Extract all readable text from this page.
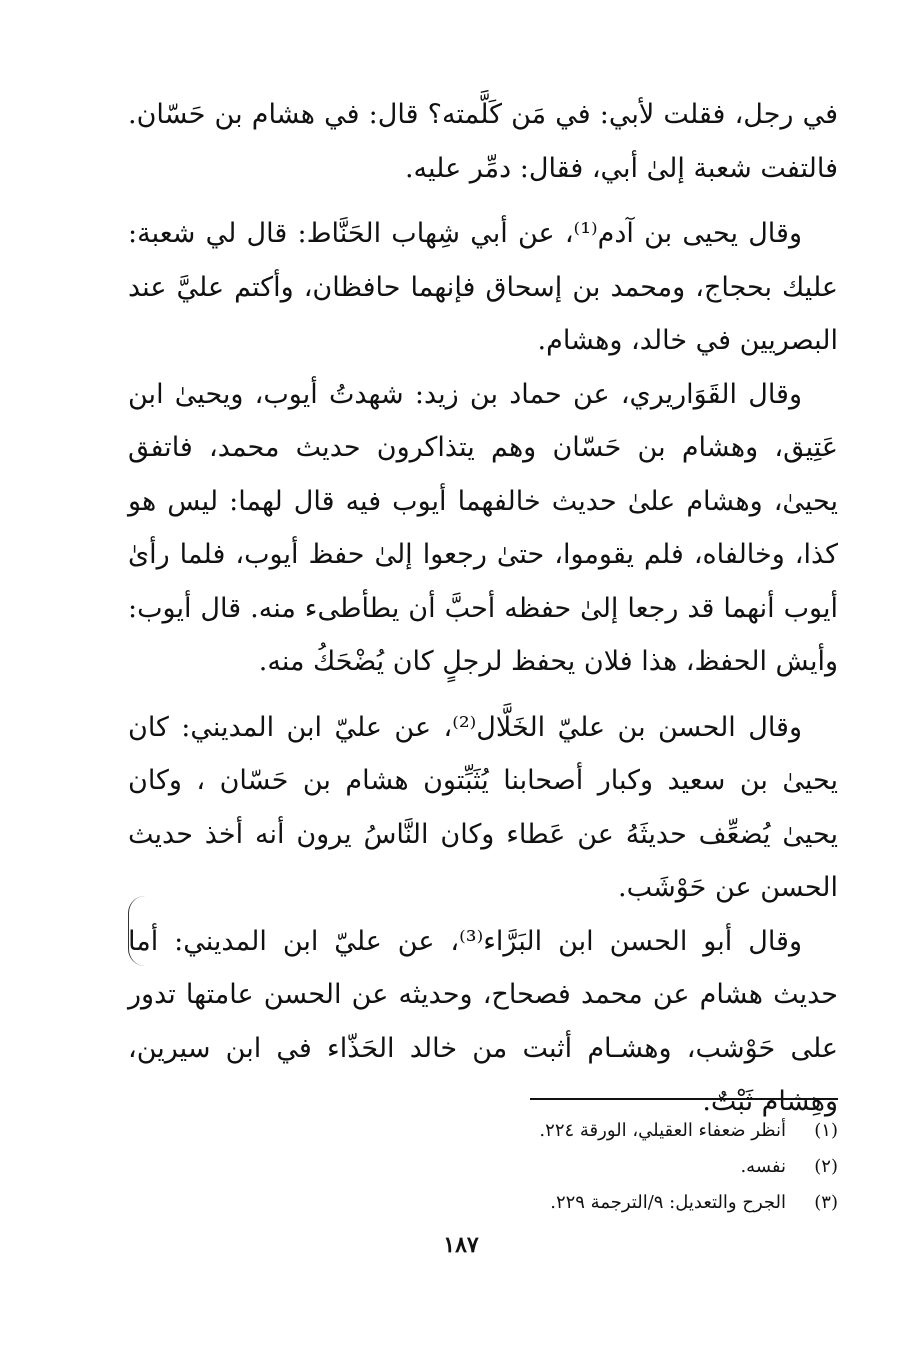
في رجل، فقلت لأبي: في مَن كَلَّمته؟ قال: في هشام بن حَسّان. فالتفت شعبة إلىٰ أبي، فقال: دمِّر عليه.

وقال يحيى بن آدم⁽¹⁾، عن أبي شِهاب الحَنَّاط: قال لي شعبة: عليك بحجاج، ومحمد بن إسحاق فإنهما حافظان، وأكتم عليَّ عند البصريين في خالد، وهشام.

وقال القَوَاريري، عن حماد بن زيد: شهدتُ أيوب، ويحيىٰ ابن عَتِيق، وهشام بن حَسّان وهم يتذاكرون حديث محمد، فاتفق يحيىٰ، وهشام علىٰ حديث خالفهما أيوب فيه قال لهما: ليس هو كذا، وخالفاه، فلم يقوموا، حتىٰ رجعوا إلىٰ حفظ أيوب، فلما رأىٰ أيوب أنهما قد رجعا إلىٰ حفظه أحبَّ أن يطأطىء منه. قال أيوب: وأيش الحفظ، هذا فلان يحفظ لرجلٍ كان يُضْحَكُ منه.

وقال الحسن بن عليّ الخَلَّال⁽²⁾، عن عليّ ابن المديني: كان يحيىٰ بن سعيد وكبار أصحابنا يُثَبِّتون هشام بن حَسّان ، وكان يحيىٰ يُضعِّف حديثَهُ عن عَطاء وكان النَّاسُ يرون أنه أخذ حديث الحسن عن حَوْشَب.

وقال أبو الحسن ابن البَرَّاء⁽³⁾، عن عليّ ابن المديني: أما حديث هشام عن محمد فصحاح، وحديثه عن الحسن عامتها تدور على حَوْشب، وهشـام أثبت من خالد الحَذّاء في ابن سيرين، وهِشام ثَبْتٌ.

(١)
أنظر ضعفاء العقيلي، الورقة ٢٢٤.
(٢)
نفسه.
(٣)
الجرح والتعديل: ٩/الترجمة ٢٢٩.
١٨٧
